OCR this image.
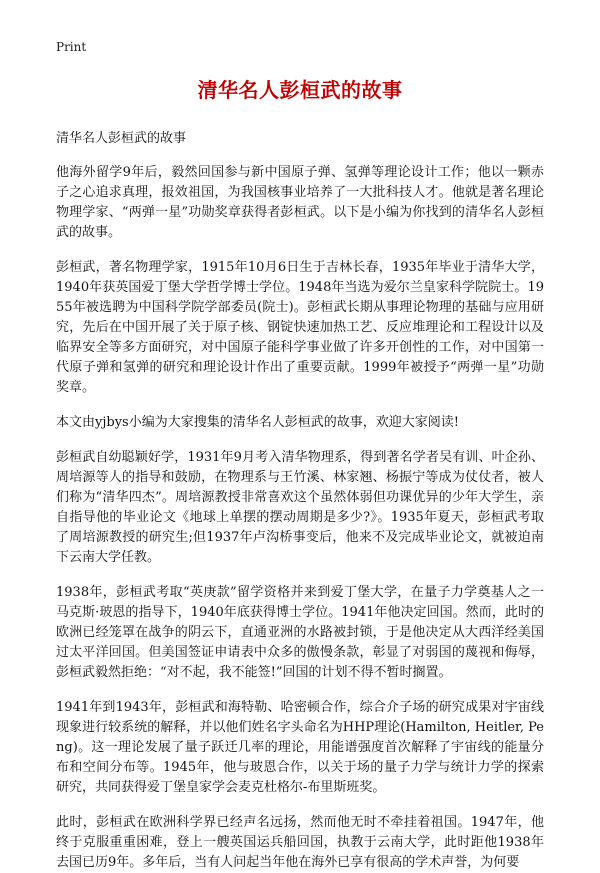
Print
清华名人彭桓武的故事
清华名人彭桓武的故事

他海外留学9年后，毅然回国参与新中国原子弹、氢弹等理论设计工作；他以一颗赤子之心追求真理，报效祖国，为我国核事业培养了一大批科技人才。他就是著名理论物理学家、“两弹一星”功勋奖章获得者彭桓武。以下是小编为你找到的清华名人彭桓武的故事。

彭桓武，著名物理学家，1915年10月6日生于吉林长春，1935年毕业于清华大学，1940年获英国爱丁堡大学哲学博士学位。1948年当选为爱尔兰皇家科学院院士。1955年被选聘为中国科学院学部委员(院士)。彭桓武长期从事理论物理的基础与应用研究，先后在中国开展了关于原子核、钢锭快速加热工艺、反应堆理论和工程设计以及临界安全等多方面研究，对中国原子能科学事业做了许多开创性的工作，对中国第一代原子弹和氢弹的研究和理论设计作出了重要贡献。1999年被授予“两弹一星”功勋奖章。

本文由yjbys小编为大家搜集的清华名人彭桓武的故事，欢迎大家阅读!

彭桓武自幼聪颖好学，1931年9月考入清华物理系，得到著名学者吴有训、叶企孙、周培源等人的指导和鼓励，在物理系与王竹溪、林家翘、杨振宁等成为仗仗者，被人们称为“清华四杰”。周培源教授非常喜欢这个虽然体弱但功课优异的少年大学生，亲自指导他的毕业论文《地球上单摆的摆动周期是多少?》。1935年夏天，彭桓武考取了周培源教授的研究生;但1937年卢沟桥事变后，他来不及完成毕业论文，就被迫南下云南大学任教。

1938年，彭桓武考取“英庚款”留学资格并来到爱丁堡大学，在量子力学奠基人之一马克斯·玻恩的指导下，1940年底获得博士学位。1941年他决定回国。然而，此时的欧洲已经笼罩在战争的阴云下，直通亚洲的水路被封锁，于是他决定从大西洋经美国过太平洋回国。但美国签证申请表中众多的傲慢条款，彰显了对弱国的蔑视和侮辱，彭桓武毅然拒绝：“对不起，我不能签!”回国的计划不得不暂时搁置。

1941年到1943年，彭桓武和海特勒、哈密顿合作，综合介子场的研究成果对宇宙线现象进行较系统的解释，并以他们姓名字头命名为HHP理论(Hamilton, Heitler, Peng)。这一理论发展了量子跃迁几率的理论，用能谱强度首次解释了宇宙线的能量分布和空间分布等。1945年，他与玻恩合作，以关于场的量子力学与统计力学的探索研究，共同获得爱丁堡皇家学会麦克杜格尔-布里斯班奖。

此时，彭桓武在欧洲科学界已经声名远扬，然而他无时不牵挂着祖国。1947年，他终于克服重重困难，登上一艘英国运兵船回国，执教于云南大学，此时距他1938年去国已历9年。多年后，当有人问起当年他在海外已享有很高的学术声誉，为何要
